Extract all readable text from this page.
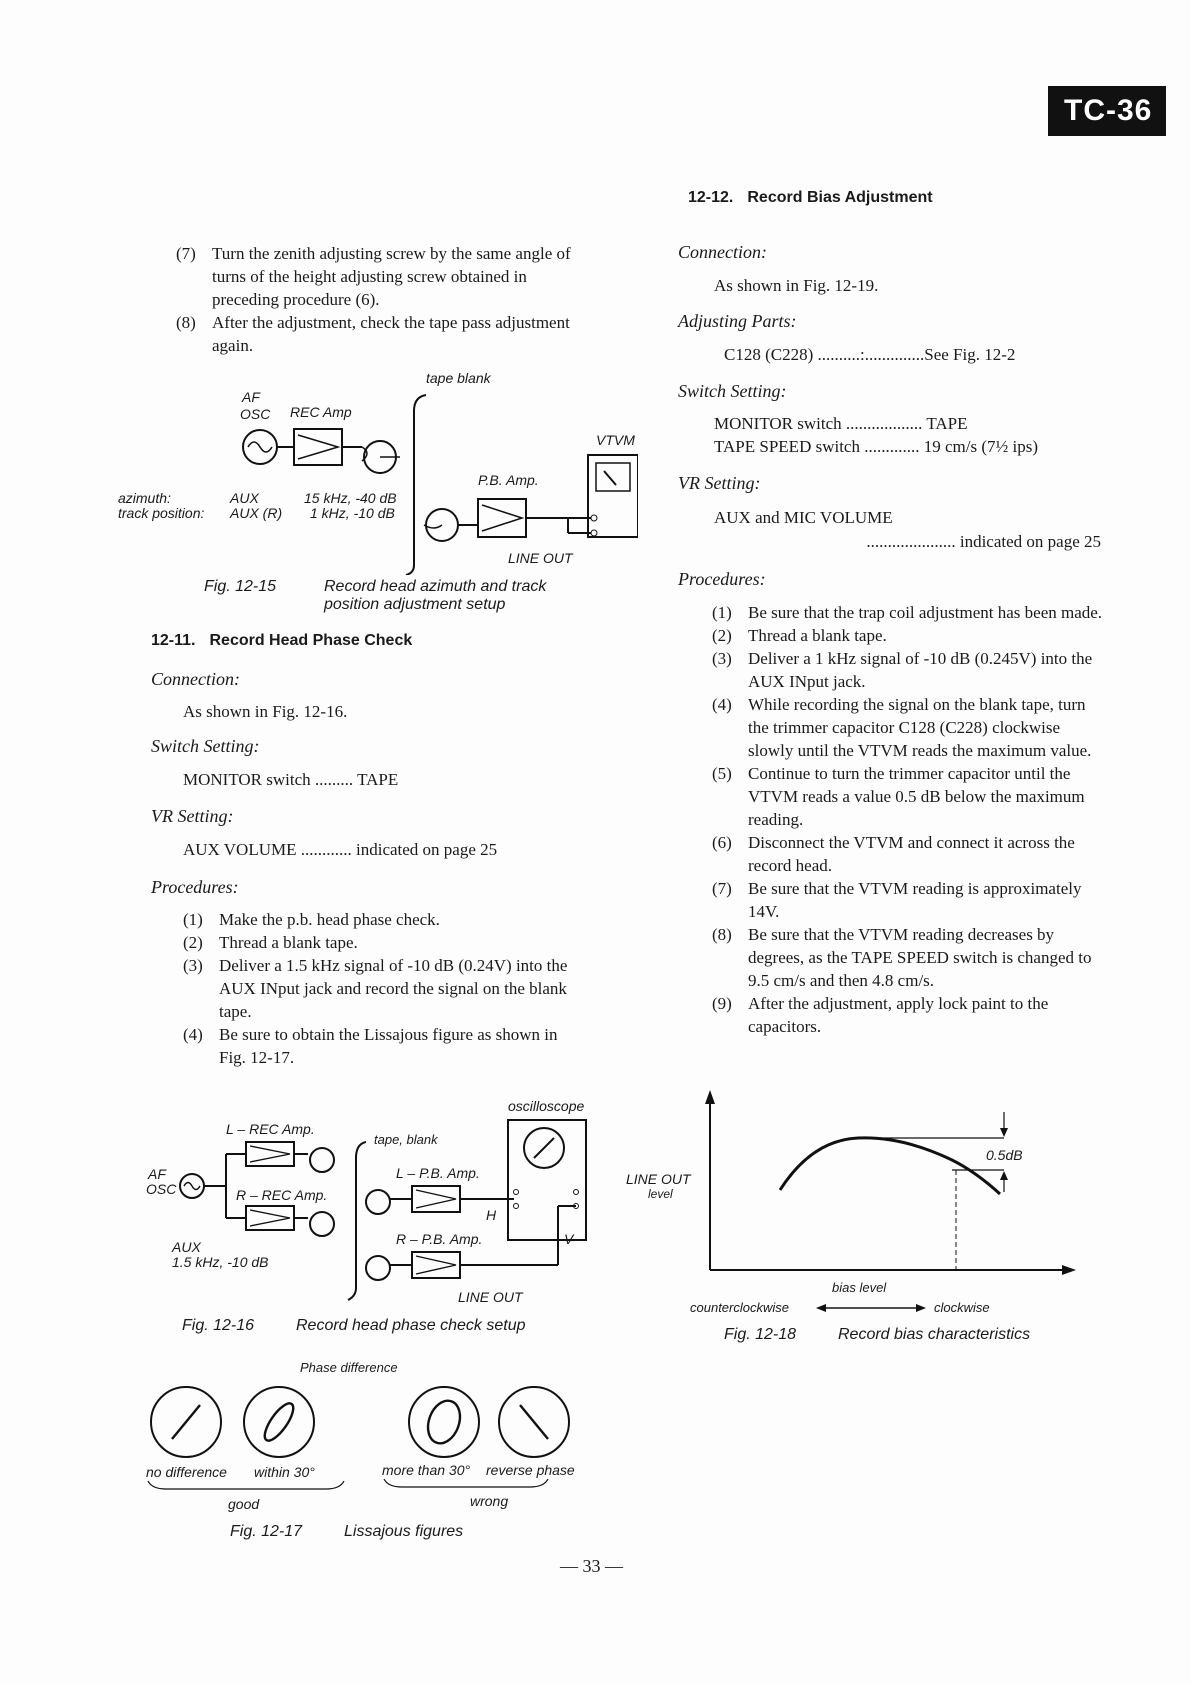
TC-36
(7) Turn the zenith adjusting screw by the same angle of turns of the height adjusting screw obtained in preceding procedure (6).
(8) After the adjustment, check the tape pass adjustment again.
tape blank
AF
OSC REC Amp
azimuth:	AUX	15 kHz, -40 dB
track position: AUX (R) 1 kHz, -10 dB
P.B. Amp.
VTVM
LINE OUT
Fig. 12-15	Record head azimuth and track
position adjustment setup
12-11. Record Head Phase Check
Connection:
As shown in Fig. 12-16.
Switch Setting:
MONITOR switch ......... TAPE
VR Setting:
AUX VOLUME ............ indicated on page 25
Procedures:
(1) Make the p.b. head phase check.
(2) Thread a blank tape.
(3) Deliver a 1.5 kHz signal of -10 dB (0.24V) into the AUX INput jack and record the signal on the blank tape.
(4) Be sure to obtain the Lissajous figure as shown in Fig. 12-17.
oscilloscope
L – REC Amp.
tape, blank
AF
OSC	R – REC Amp.
L – P.B. Amp.
H
R – P.B. Amp.	V
AUX
1.5 kHz, -10 dB
LINE OUT
Fig. 12-16	Record head phase check setup
Phase difference
no difference within 30°	more than 30° reverse phase
good	wrong
Fig. 12-17	Lissajous figures
12-12. Record Bias Adjustment
Connection:
As shown in Fig. 12-19.
Adjusting Parts:
C128 (C228) ..........:..............See Fig. 12-2
Switch Setting:
MONITOR switch .................. TAPE
TAPE SPEED switch ............. 19 cm/s (7½ ips)
VR Setting:
AUX and MIC VOLUME
..................... indicated on page 25
Procedures:
(1) Be sure that the trap coil adjustment has been made.
(2) Thread a blank tape.
(3) Deliver a 1 kHz signal of -10 dB (0.245V) into the AUX INput jack.
(4) While recording the signal on the blank tape, turn the trimmer capacitor C128 (C228) clockwise slowly until the VTVM reads the maximum value.
(5) Continue to turn the trimmer capacitor until the VTVM reads a value 0.5 dB below the maximum reading.
(6) Disconnect the VTVM and connect it across the record head.
(7) Be sure that the VTVM reading is approximately 14V.
(8) Be sure that the VTVM reading decreases by degrees, as the TAPE SPEED switch is changed to 9.5 cm/s and then 4.8 cm/s.
(9) After the adjustment, apply lock paint to the capacitors.
0.5dB
LINE OUT
level
bias level
counterclockwise	clockwise
Fig. 12-18	Record bias characteristics
— 33 —
